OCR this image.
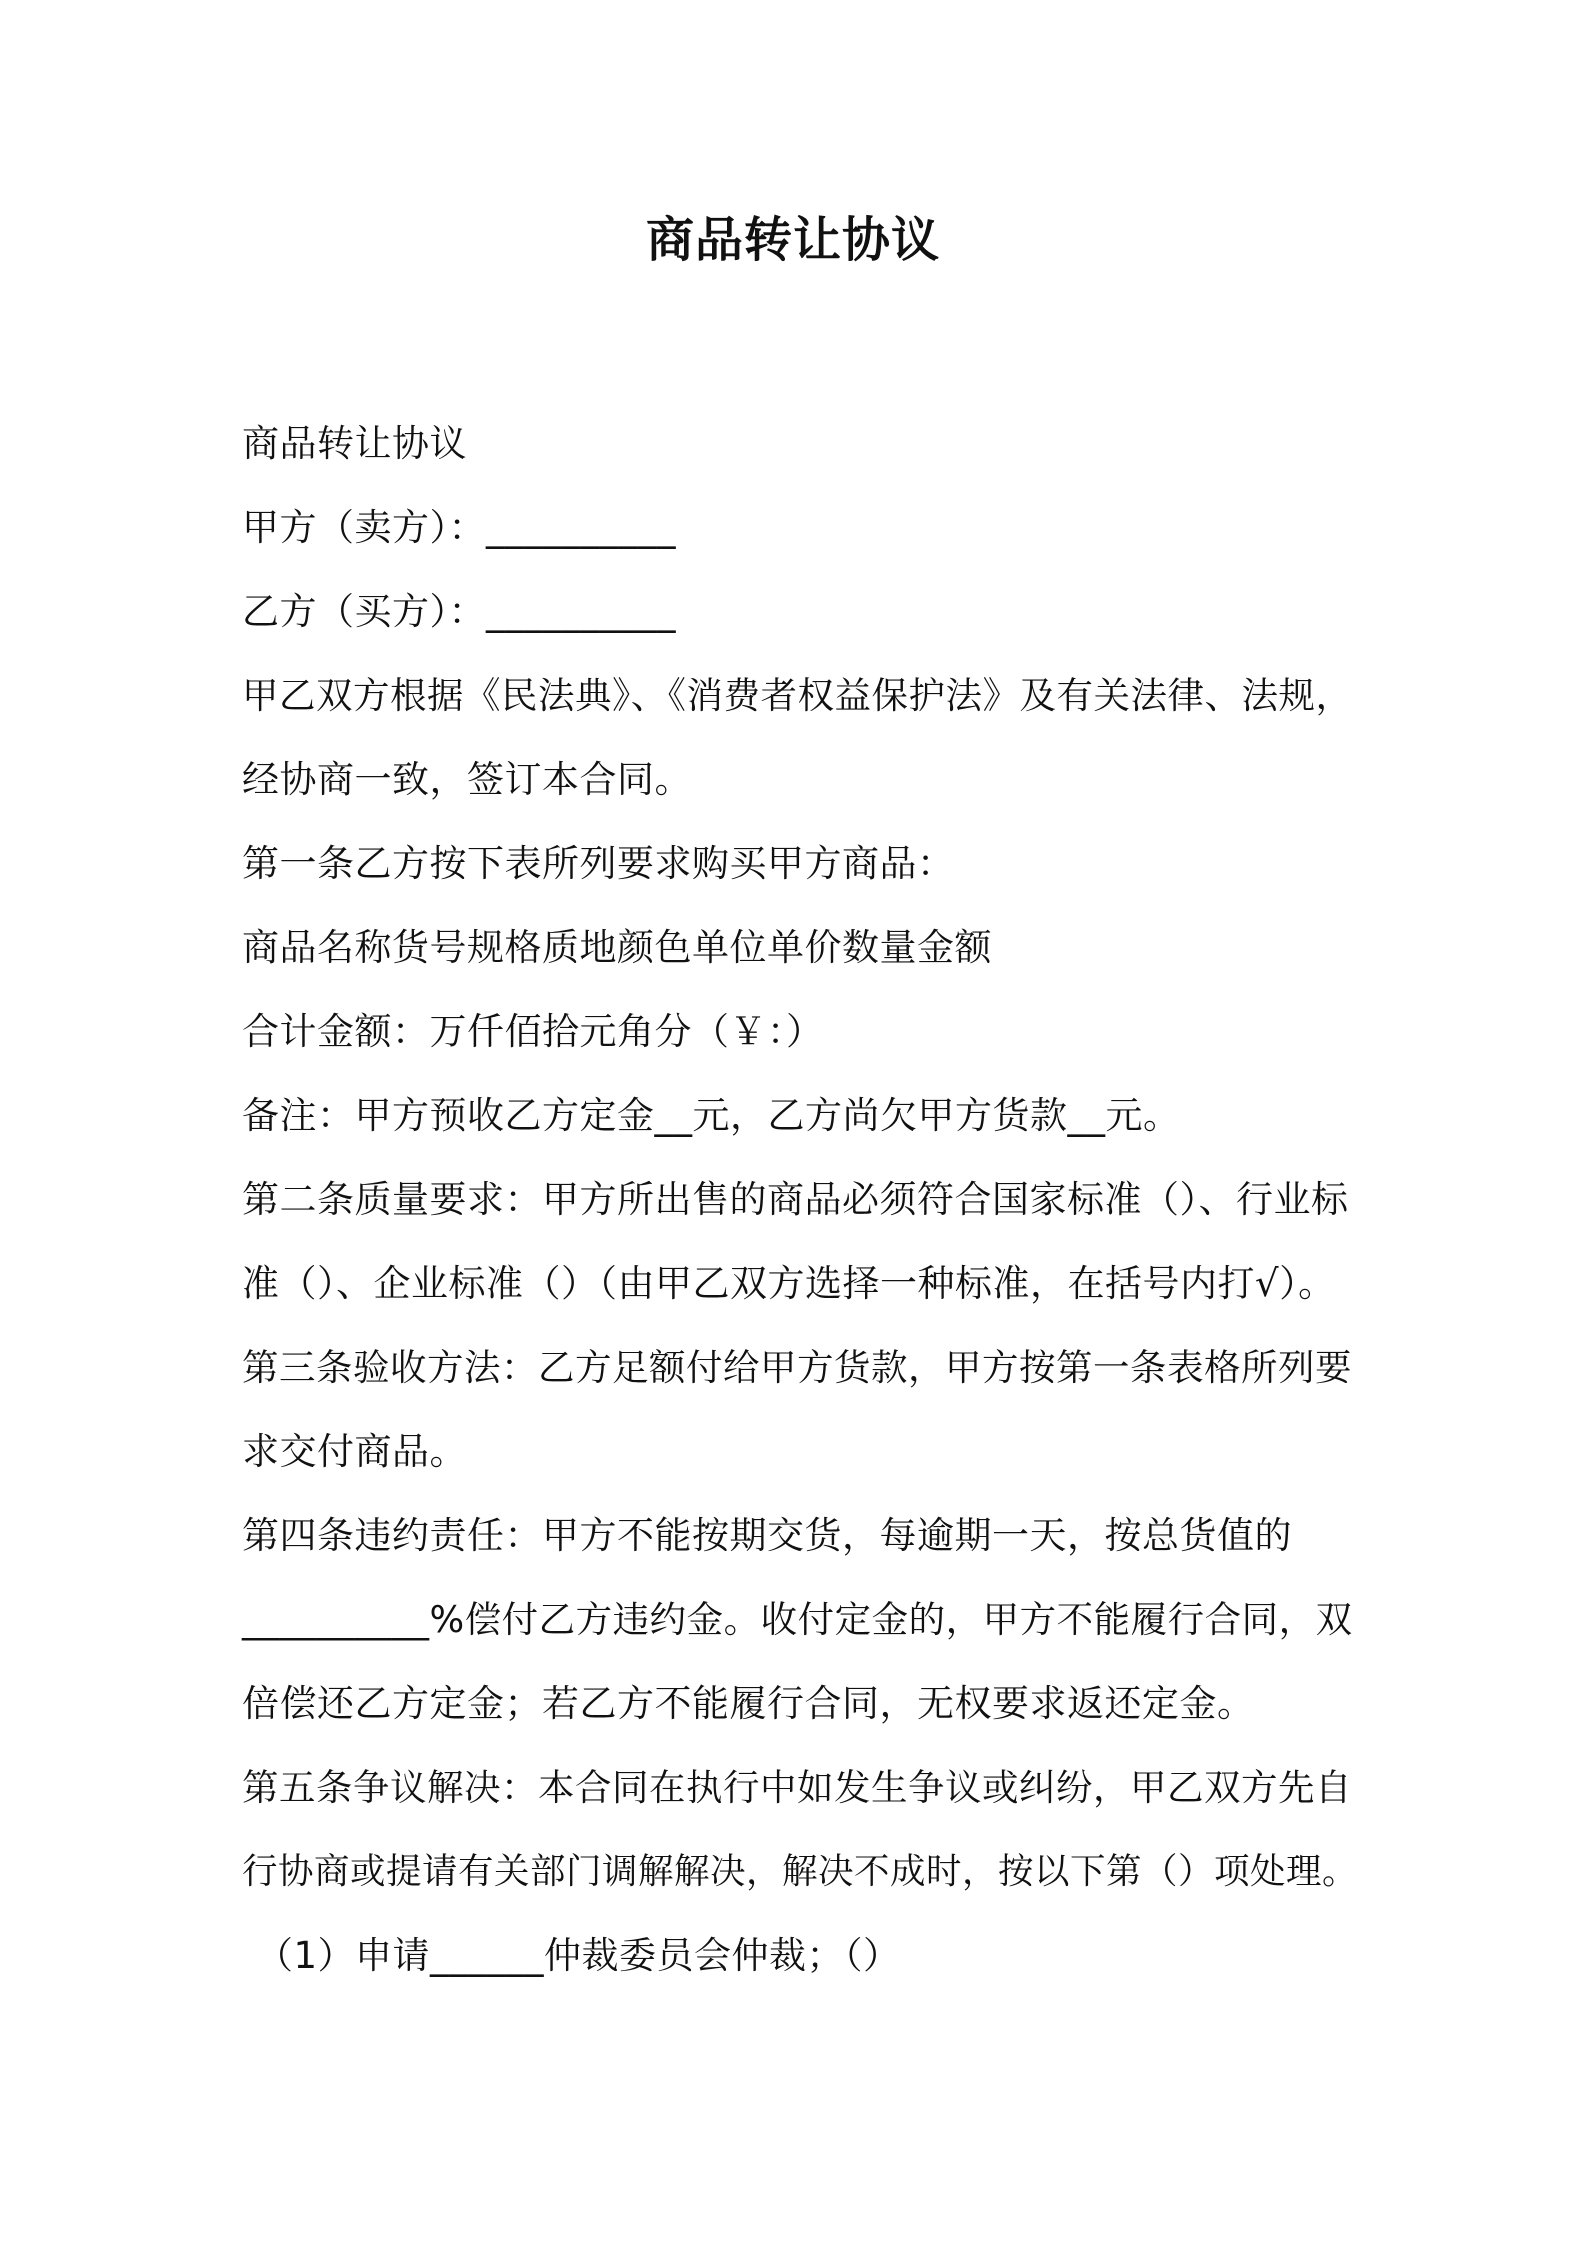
商品转让协议
商品转让协议
甲方（卖方）：__________
乙方（买方）：__________
甲乙双方根据《民法典》、《消费者权益保护法》及有关法律、法规，
经协商一致，签订本合同。
第一条乙方按下表所列要求购买甲方商品：
商品名称货号规格质地颜色单位单价数量金额
合计金额：万仟佰拾元角分（￥：）
备注：甲方预收乙方定金__元，乙方尚欠甲方货款__元。
第二条质量要求：甲方所出售的商品必须符合国家标准（）、行业标
准（）、企业标准（）（由甲乙双方选择一种标准，在括号内打√）。
第三条验收方法：乙方足额付给甲方货款，甲方按第一条表格所列要
求交付商品。
第四条违约责任：甲方不能按期交货，每逾期一天，按总货值的
__________%偿付乙方违约金。收付定金的，甲方不能履行合同，双
倍偿还乙方定金；若乙方不能履行合同，无权要求返还定金。
第五条争议解决：本合同在执行中如发生争议或纠纷，甲乙双方先自
行协商或提请有关部门调解解决，解决不成时，按以下第（）项处理。
（1）申请______仲裁委员会仲裁；（）
